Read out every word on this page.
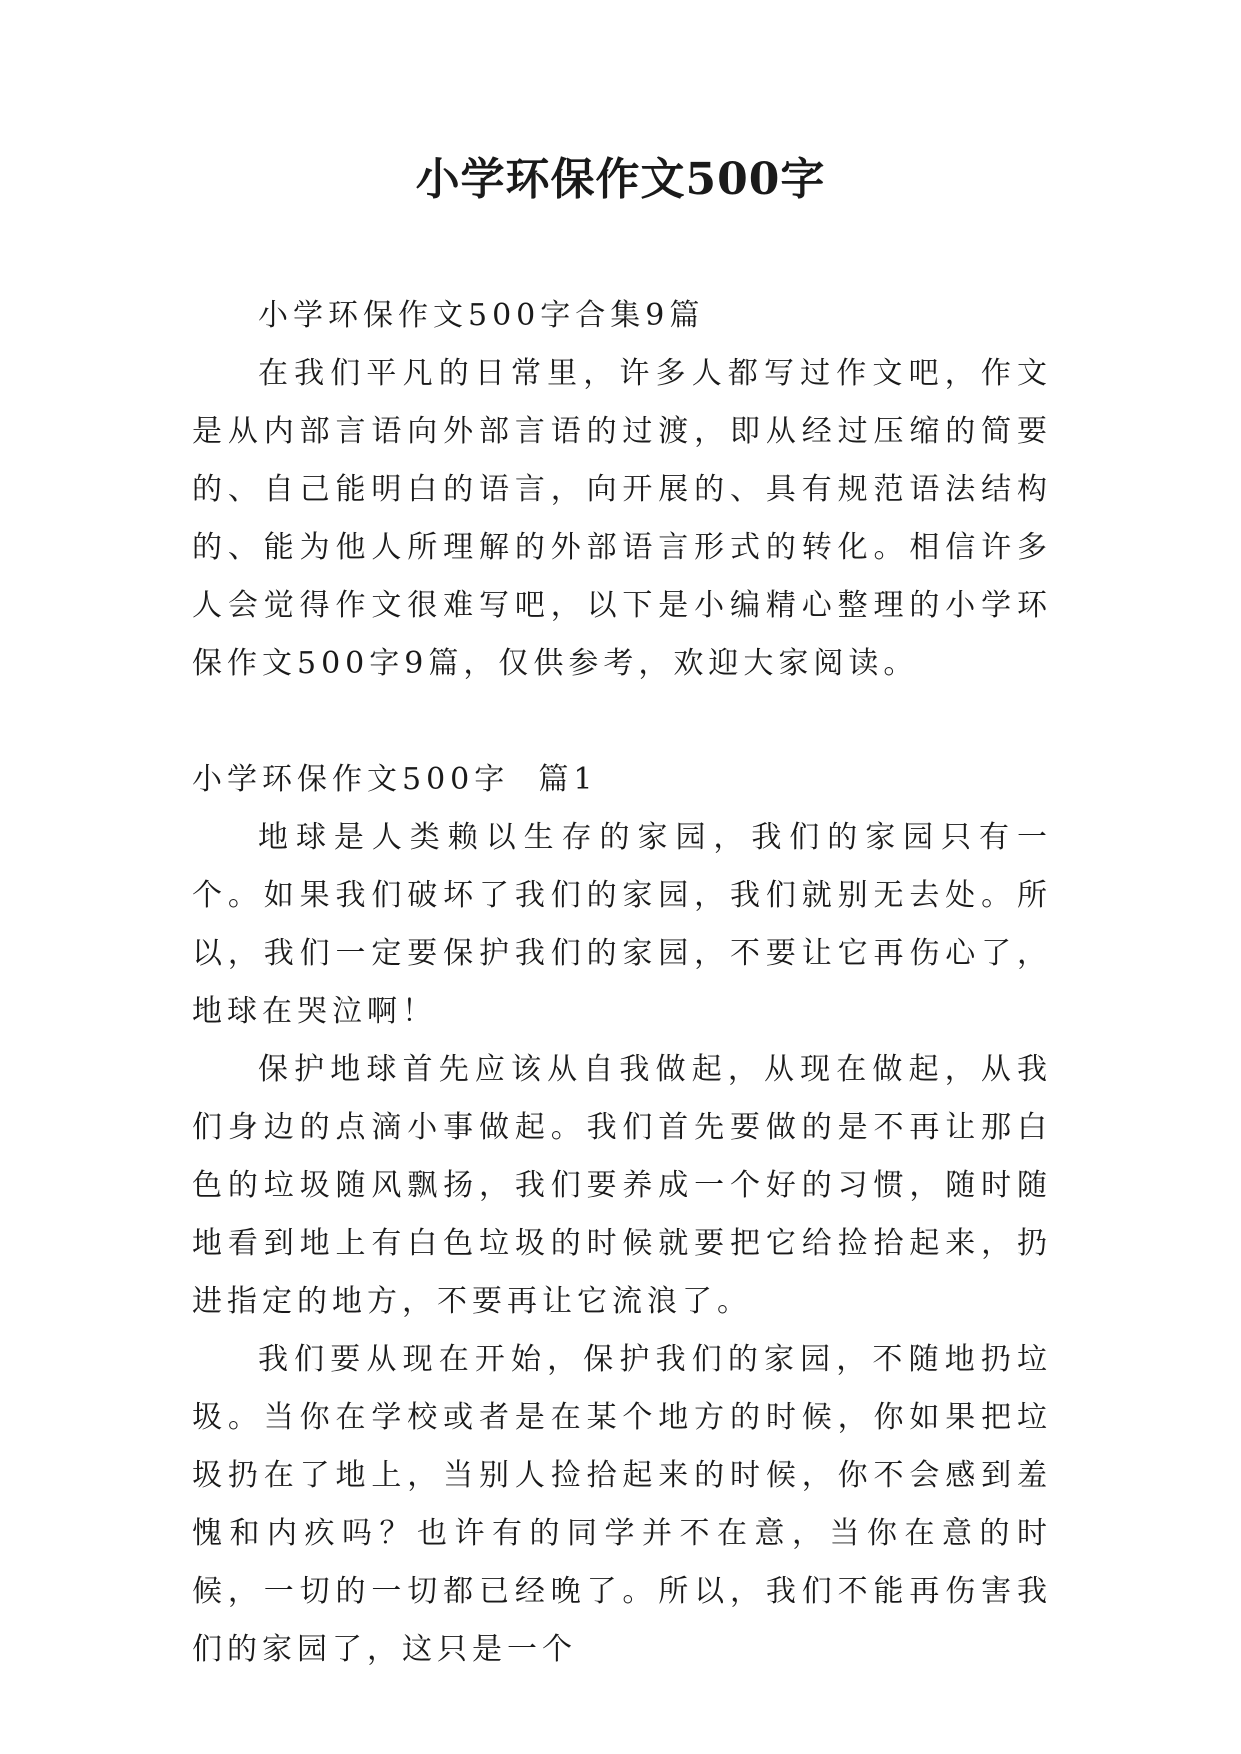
小学环保作文500字

小学环保作文500字合集9篇

在我们平凡的日常里，许多人都写过作文吧，作文是从内部言语向外部言语的过渡，即从经过压缩的简要的、自己能明白的语言，向开展的、具有规范语法结构的、能为他人所理解的外部语言形式的转化。相信许多人会觉得作文很难写吧，以下是小编精心整理的小学环保作文500字9篇，仅供参考，欢迎大家阅读。

小学环保作文500字  篇1

地球是人类赖以生存的家园，我们的家园只有一个。如果我们破坏了我们的家园，我们就别无去处。所以，我们一定要保护我们的家园，不要让它再伤心了，地球在哭泣啊！

保护地球首先应该从自我做起，从现在做起，从我们身边的点滴小事做起。我们首先要做的是不再让那白色的垃圾随风飘扬，我们要养成一个好的习惯，随时随地看到地上有白色垃圾的时候就要把它给捡拾起来，扔进指定的地方，不要再让它流浪了。

我们要从现在开始，保护我们的家园，不随地扔垃圾。当你在学校或者是在某个地方的时候，你如果把垃圾扔在了地上，当别人捡拾起来的时候，你不会感到羞愧和内疚吗？也许有的同学并不在意，当你在意的时候，一切的一切都已经晚了。所以，我们不能再伤害我们的家园了，这只是一个
